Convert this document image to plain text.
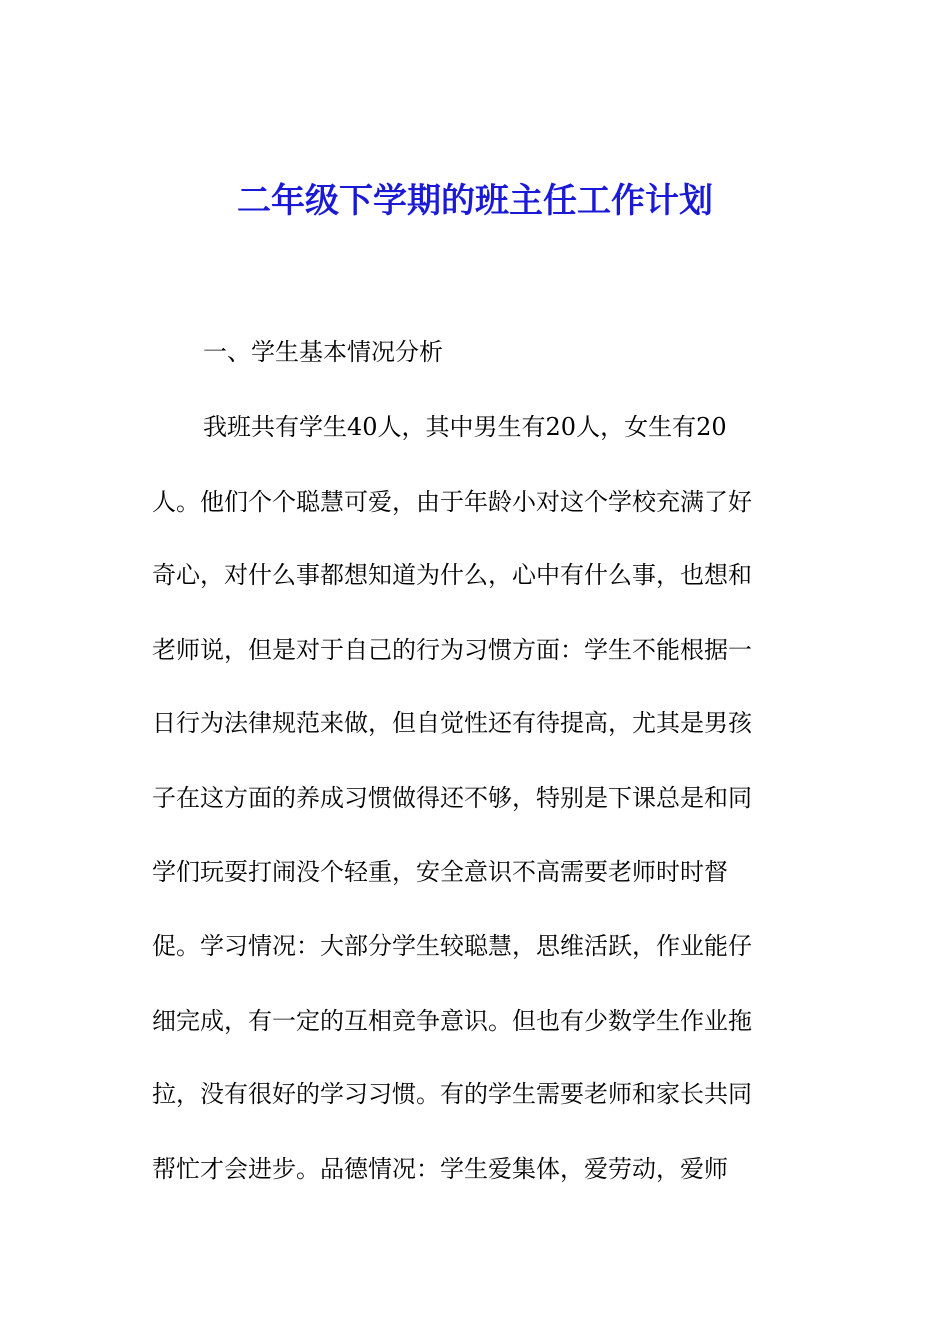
二年级下学期的班主任工作计划

一、学生基本情况分析

我班共有学生40人，其中男生有20人，女生有20

人。他们个个聪慧可爱，由于年龄小对这个学校充满了好

奇心，对什么事都想知道为什么，心中有什么事，也想和

老师说，但是对于自己的行为习惯方面：学生不能根据一

日行为法律规范来做，但自觉性还有待提高，尤其是男孩

子在这方面的养成习惯做得还不够，特别是下课总是和同

学们玩耍打闹没个轻重，安全意识不高需要老师时时督

促。学习情况：大部分学生较聪慧，思维活跃，作业能仔

细完成，有一定的互相竞争意识。但也有少数学生作业拖

拉，没有很好的学习习惯。有的学生需要老师和家长共同

帮忙才会进步。品德情况：学生爱集体，爱劳动，爱师
